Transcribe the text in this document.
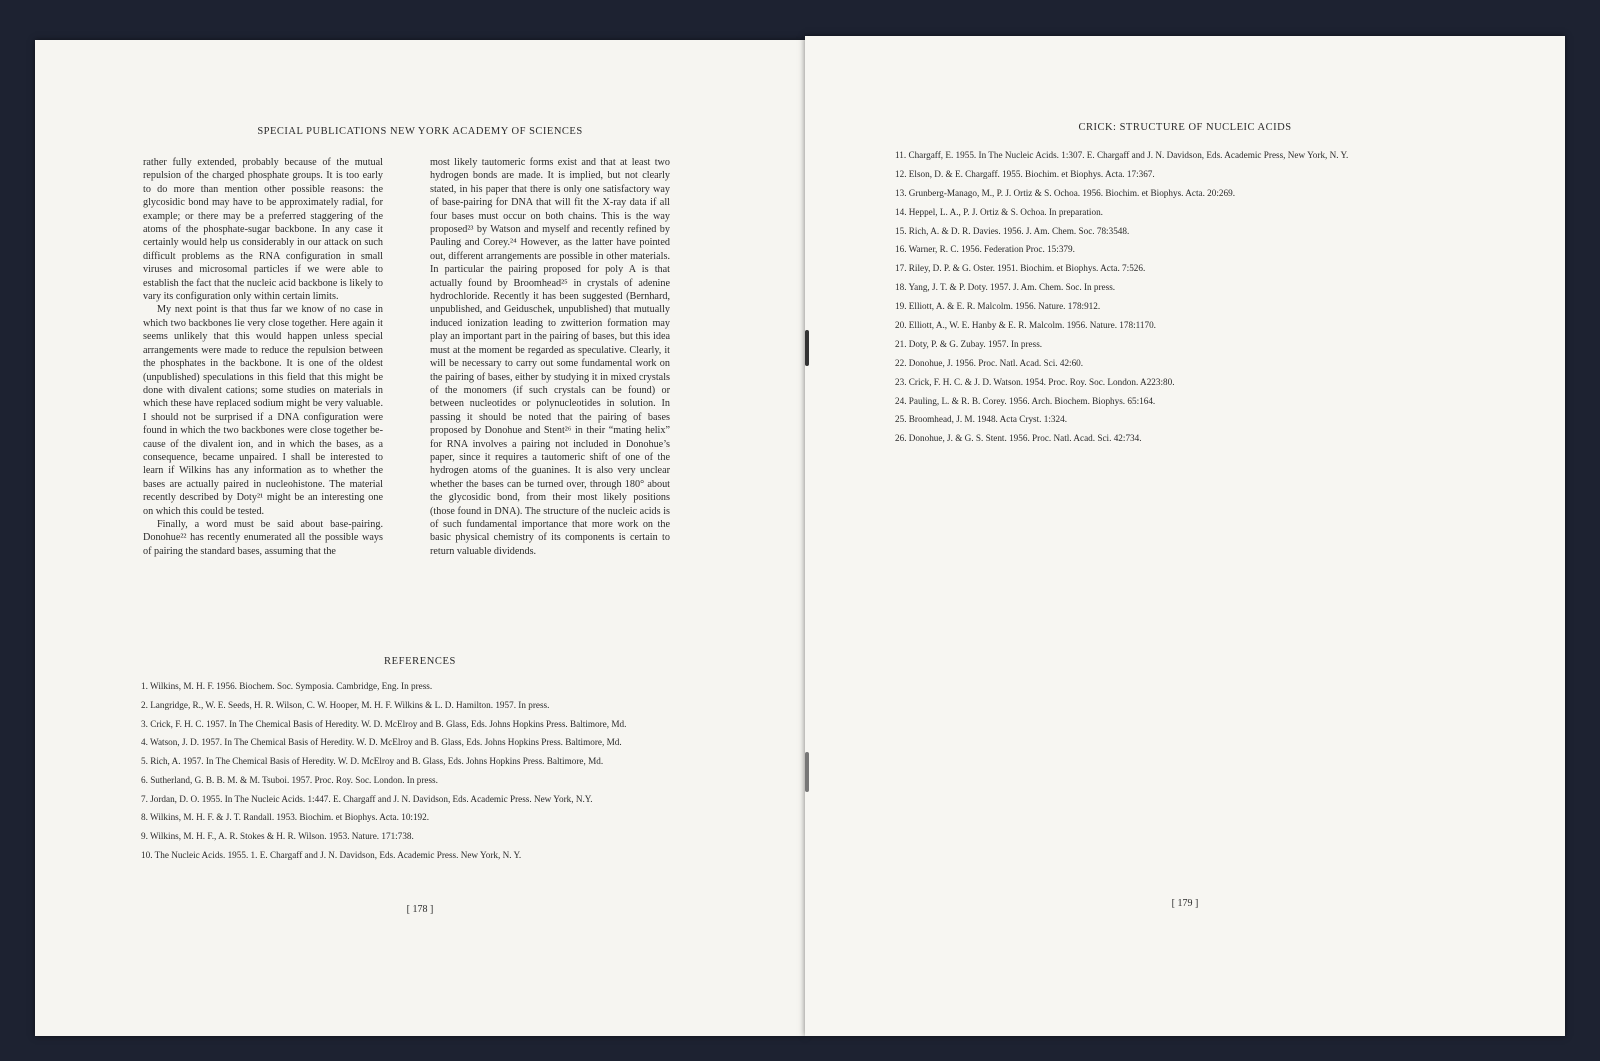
SPECIAL PUBLICATIONS NEW YORK ACADEMY OF SCIENCES

rather fully extended, probably because of the mutual repulsion of the charged phosphate groups. It is too early to do more than mention other possible reasons: the glycosidic bond may have to be approximately radial, for example; or there may be a preferred staggering of the atoms of the phosphate-sugar backbone. In any case it certainly would help us considerably in our attack on such difficult problems as the RNA configuration in small viruses and microsomal particles if we were able to establish the fact that the nucleic acid backbone is likely to vary its configuration only within certain limits.

My next point is that thus far we know of no case in which two backbones lie very close together. Here again it seems unlikely that this would happen unless special arrangements were made to reduce the repulsion between the phosphates in the backbone. It is one of the oldest (unpublished) speculations in this field that this might be done with divalent cations; some studies on materials in which these have replaced sodium might be very valuable. I should not be surprised if a DNA configuration were found in which the two backbones were close together because of the divalent ion, and in which the bases, as a consequence, became unpaired. I shall be interested to learn if Wilkins has any information as to whether the bases are actually paired in nucleohistone. The material recently described by Doty²¹ might be an interesting one on which this could be tested.

Finally, a word must be said about base-pairing. Donohue²² has recently enumerated all the possible ways of pairing the standard bases, assuming that the

most likely tautomeric forms exist and that at least two hydrogen bonds are made. It is implied, but not clearly stated, in his paper that there is only one satisfactory way of base-pairing for DNA that will fit the X-ray data if all four bases must occur on both chains. This is the way proposed²³ by Watson and myself and recently refined by Pauling and Corey.²⁴ However, as the latter have pointed out, different arrangements are possible in other materials. In particular the pairing proposed for poly A is that actually found by Broomhead²⁵ in crystals of adenine hydrochloride. Recently it has been suggested (Bernhard, unpublished, and Geiduschek, unpublished) that mutually induced ionization leading to zwitterion formation may play an important part in the pairing of bases, but this idea must at the moment be regarded as speculative. Clearly, it will be necessary to carry out some fundamental work on the pairing of bases, either by studying it in mixed crystals of the monomers (if such crystals can be found) or between nucleotides or polynucleotides in solution. In passing it should be noted that the pairing of bases proposed by Donohue and Stent²⁶ in their “mating helix” for RNA involves a pairing not included in Donohue’s paper, since it requires a tautomeric shift of one of the hydrogen atoms of the guanines. It is also very unclear whether the bases can be turned over, through 180° about the glycosidic bond, from their most likely positions (those found in DNA). The structure of the nucleic acids is of such fundamental importance that more work on the basic physical chemistry of its components is certain to return valuable dividends.

REFERENCES
1. Wilkins, M. H. F. 1956. Biochem. Soc. Symposia. Cambridge, Eng. In press.
2. Langridge, R., W. E. Seeds, H. R. Wilson, C. W. Hooper, M. H. F. Wilkins & L. D. Hamilton. 1957. In press.
3. Crick, F. H. C. 1957. In The Chemical Basis of Heredity. W. D. McElroy and B. Glass, Eds. Johns Hopkins Press. Baltimore, Md.
4. Watson, J. D. 1957. In The Chemical Basis of Heredity. W. D. McElroy and B. Glass, Eds. Johns Hopkins Press. Baltimore, Md.
5. Rich, A. 1957. In The Chemical Basis of Heredity. W. D. McElroy and B. Glass, Eds. Johns Hopkins Press. Baltimore, Md.
6. Sutherland, G. B. B. M. & M. Tsuboi. 1957. Proc. Roy. Soc. London. In press.
7. Jordan, D. O. 1955. In The Nucleic Acids. 1:447. E. Chargaff and J. N. Davidson, Eds. Academic Press. New York, N.Y.
8. Wilkins, M. H. F. & J. T. Randall. 1953. Biochim. et Biophys. Acta. 10:192.
9. Wilkins, M. H. F., A. R. Stokes & H. R. Wilson. 1953. Nature. 171:738.
10. The Nucleic Acids. 1955. 1. E. Chargaff and J. N. Davidson, Eds. Academic Press. New York, N. Y.
[ 178 ]
CRICK: STRUCTURE OF NUCLEIC ACIDS
11. Chargaff, E. 1955. In The Nucleic Acids. 1:307. E. Chargaff and J. N. Davidson, Eds. Academic Press, New York, N. Y.
12. Elson, D. & E. Chargaff. 1955. Biochim. et Biophys. Acta. 17:367.
13. Grunberg-Manago, M., P. J. Ortiz & S. Ochoa. 1956. Biochim. et Biophys. Acta. 20:269.
14. Heppel, L. A., P. J. Ortiz & S. Ochoa. In preparation.
15. Rich, A. & D. R. Davies. 1956. J. Am. Chem. Soc. 78:3548.
16. Warner, R. C. 1956. Federation Proc. 15:379.
17. Riley, D. P. & G. Oster. 1951. Biochim. et Biophys. Acta. 7:526.
18. Yang, J. T. & P. Doty. 1957. J. Am. Chem. Soc. In press.
19. Elliott, A. & E. R. Malcolm. 1956. Nature. 178:912.
20. Elliott, A., W. E. Hanby & E. R. Malcolm. 1956. Nature. 178:1170.
21. Doty, P. & G. Zubay. 1957. In press.
22. Donohue, J. 1956. Proc. Natl. Acad. Sci. 42:60.
23. Crick, F. H. C. & J. D. Watson. 1954. Proc. Roy. Soc. London. A223:80.
24. Pauling, L. & R. B. Corey. 1956. Arch. Biochem. Biophys. 65:164.
25. Broomhead, J. M. 1948. Acta Cryst. 1:324.
26. Donohue, J. & G. S. Stent. 1956. Proc. Natl. Acad. Sci. 42:734.
[ 179 ]
